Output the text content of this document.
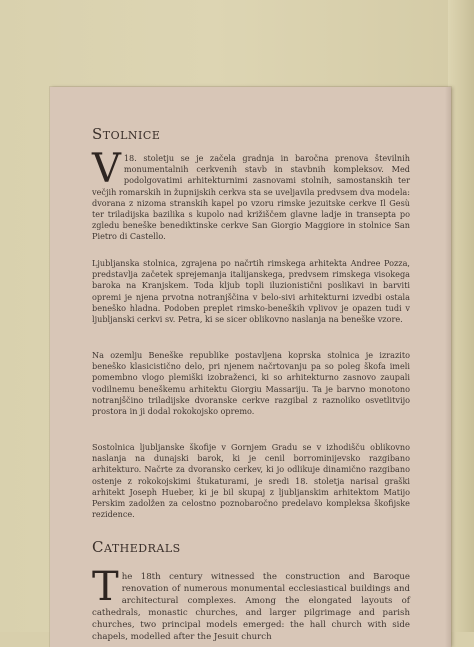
Stolnice

V 18. stoletju se je začela gradnja in baročna prenova številnih monumentalnih cerkvenih stavb in stavbnih kompleksov. Med podolgovatimi arhitekturnimi zasnovami stolnih, samostanskih ter večjih romarskih in župnijskih cerkva sta se uveljavila predvsem dva modela: dvorana z nizoma stranskih kapel po vzoru rimske jezuitske cerkve Il Gesù ter triladijska bazilika s kupolo nad križiščem glavne ladje in transepta po zgledu beneške benediktinske cerkve San Giorgio Maggiore in stolnice San Pietro di Castello.

Ljubljanska stolnica, zgrajena po načrtih rimskega arhitekta Andree Pozza, predstavlja začetek sprejemanja italijanskega, predvsem rimskega visokega baroka na Kranjskem. Toda kljub topli iluzionistični poslikavi in barviti opremi je njena prvotna notranjščina v belo-sivi arhitekturni izvedbi ostala beneško hladna. Podoben preplet rimsko-beneških vplivov je opazen tudi v ljubljanski cerkvi sv. Petra, ki se sicer oblikovno naslanja na beneške vzore.

Na ozemlju Beneške republike postavljena koprska stolnica je izrazito beneško klasicistično delo, pri njenem načrtovanju pa so poleg škofa imeli pomembno vlogo plemiški izobraženci, ki so arhitekturno zasnovo zaupali vodilnemu beneškemu arhitektu Giorgiu Massariju. Ta je barvno monotono notranjščino triladijske dvoranske cerkve razgibal z raznoliko osvetlitvijo prostora in ji dodal rokokojsko opremo.

Sostolnica ljubljanske škofije v Gornjem Gradu se v izhodišču oblikovno naslanja na dunajski barok, ki je cenil borrominijevsko razgibano arhitekturo. Načrte za dvoransko cerkev, ki jo odlikuje dinamično razgibano ostenje z rokokojskimi štukaturami, je sredi 18. stoletja narisal graški arhitekt Joseph Hueber, ki je bil skupaj z ljubljanskim arhitektom Matijo Perskim zadolžen za celostno poznobaročno predelavo kompleksa škofijske rezidence.

Cathedrals

The 18th century witnessed the construction and Baroque renovation of numerous monumental ecclesiastical buildings and architectural complexes. Among the elongated layouts of cathedrals, monastic churches, and larger pilgrimage and parish churches, two principal models emerged: the hall church with side chapels, modelled after the Jesuit church
